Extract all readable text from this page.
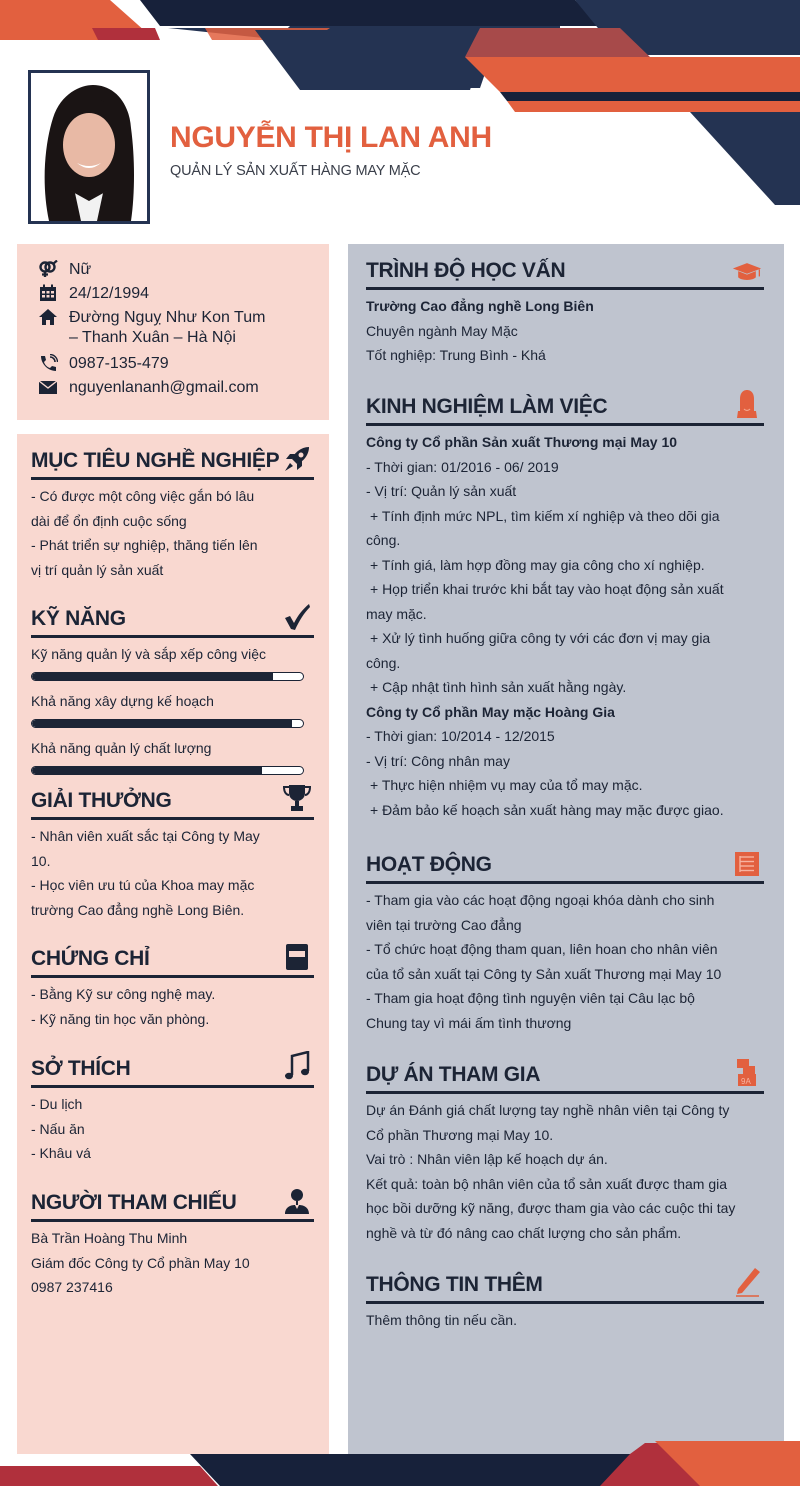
NGUYỄN THỊ LAN ANH
QUẢN LÝ SẢN XUẤT HÀNG MAY MẶC
Nữ
24/12/1994
Đường Nguỵ Như Kon Tum
– Thanh Xuân – Hà Nội
0987-135-479
nguyenlananh@gmail.com
MỤC TIÊU NGHỀ NGHIỆP
- Có được một công việc gắn bó lâu
dài để ổn định cuộc sống
- Phát triển sự nghiệp, thăng tiến lên
vị trí quản lý sản xuất
KỸ NĂNG
Kỹ năng quản lý và sắp xếp công việc
Khả năng xây dựng kế hoạch
Khả năng quản lý chất lượng
GIẢI THƯỞNG
- Nhân viên xuất sắc tại Công ty May
10.
- Học viên ưu tú của Khoa may mặc
trường Cao đẳng nghề Long Biên.
CHỨNG CHỈ
- Bằng Kỹ sư công nghệ may.
- Kỹ năng tin học văn phòng.
SỞ THÍCH
- Du lịch
- Nấu ăn
- Khâu vá
NGƯỜI THAM CHIẾU
Bà Trần Hoàng Thu Minh
Giám đốc Công ty Cổ phần May 10
0987 237416
TRÌNH ĐỘ HỌC VẤN
Trường Cao đẳng nghề Long Biên
Chuyên ngành May Mặc
Tốt nghiệp: Trung Bình - Khá
KINH NGHIỆM LÀM VIỆC
Công ty Cổ phần Sản xuất Thương mại May 10
- Thời gian: 01/2016 - 06/ 2019
- Vị trí: Quản lý sản xuất
+ Tính định mức NPL, tìm kiếm xí nghiệp và theo dõi gia
công.
+ Tính giá, làm hợp đồng may gia công cho xí nghiệp.
+ Họp triển khai trước khi bắt tay vào hoạt động sản xuất
may mặc.
+ Xử lý tình huống giữa công ty với các đơn vị may gia
công.
+ Cập nhật tình hình sản xuất hằng ngày.
Công ty Cổ phần May mặc Hoàng Gia
- Thời gian: 10/2014 - 12/2015
- Vị trí: Công nhân may
+ Thực hiện nhiệm vụ may của tổ may mặc.
+ Đảm bảo kế hoạch sản xuất hàng may mặc được giao.
HOẠT ĐỘNG
- Tham gia vào các hoạt động ngoại khóa dành cho sinh
viên tại trường Cao đẳng
- Tổ chức hoạt động tham quan, liên hoan cho nhân viên
của tổ sản xuất tại Công ty Sản xuất Thương mại May 10
- Tham gia hoạt động tình nguyện viên tại Câu lạc bộ
Chung tay vì mái ấm tình thương
DỰ ÁN THAM GIA	9A
Dự án Đánh giá chất lượng tay nghề nhân viên tại Công ty
Cổ phần Thương mại May 10.
Vai trò : Nhân viên lập kế hoạch dự án.
Kết quả: toàn bộ nhân viên của tổ sản xuất được tham gia
học bồi dưỡng kỹ năng, được tham gia vào các cuộc thi tay
nghề và từ đó nâng cao chất lượng cho sản phẩm.
THÔNG TIN THÊM
Thêm thông tin nếu cần.
